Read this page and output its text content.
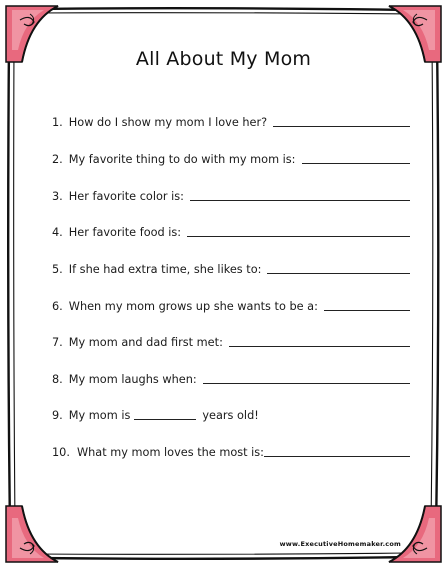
All About My Mom
1. How do I show my mom I love her?
2. My favorite thing to do with my mom is:
3. Her favorite color is:
4. Her favorite food is:
5. If she had extra time, she likes to:
6. When my mom grows up she wants to be a:
7. My mom and dad first met:
8. My mom laughs when:
9. My mom is	years old!
10. What my mom loves the most is:
www.ExecutiveHomemaker.com
